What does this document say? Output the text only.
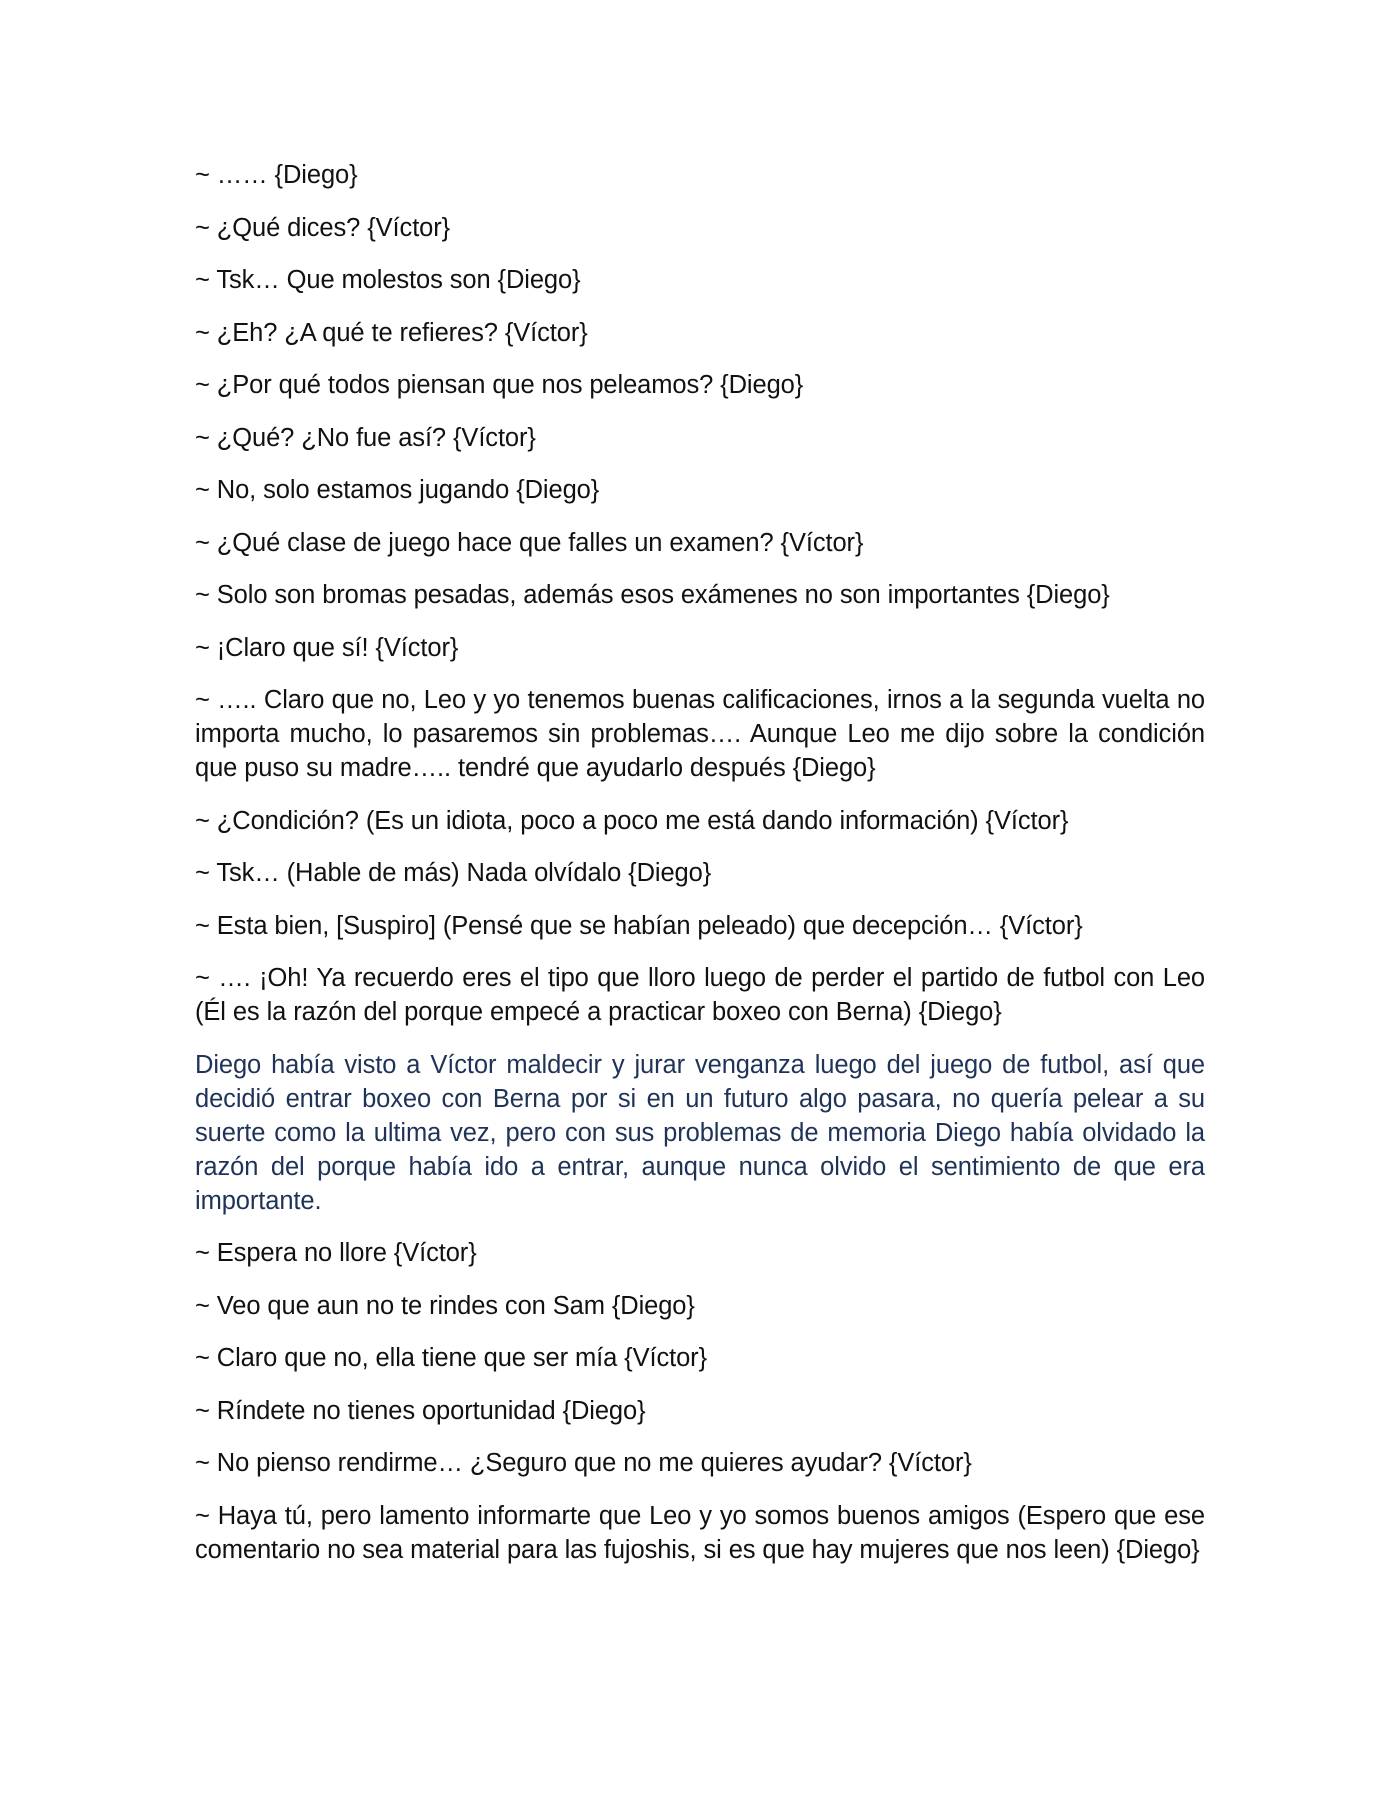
~ …… {Diego}

~ ¿Qué dices? {Víctor}

~ Tsk… Que molestos son {Diego}

~ ¿Eh? ¿A qué te refieres? {Víctor}

~ ¿Por qué todos piensan que nos peleamos? {Diego}

~ ¿Qué? ¿No fue así? {Víctor}

~ No, solo estamos jugando {Diego}

~ ¿Qué clase de juego hace que falles un examen? {Víctor}

~ Solo son bromas pesadas, además esos exámenes no son importantes {Diego}

~ ¡Claro que sí! {Víctor}

~ ….. Claro que no, Leo y yo tenemos buenas calificaciones, irnos a la segunda vuelta no importa mucho, lo pasaremos sin problemas…. Aunque Leo me dijo sobre la condición que puso su madre….. tendré que ayudarlo después {Diego}

~ ¿Condición? (Es un idiota, poco a poco me está dando información) {Víctor}

~ Tsk… (Hable de más) Nada olvídalo {Diego}

~ Esta bien, [Suspiro] (Pensé que se habían peleado) que decepción… {Víctor}

~ …. ¡Oh! Ya recuerdo eres el tipo que lloro luego de perder el partido de futbol con Leo (Él es la razón del porque empecé a practicar boxeo con Berna) {Diego}

Diego había visto a Víctor maldecir y jurar venganza luego del juego de futbol, así que decidió entrar boxeo con Berna por si en un futuro algo pasara, no quería pelear a su suerte como la ultima vez, pero con sus problemas de memoria Diego había olvidado la razón del porque había ido a entrar, aunque nunca olvido el sentimiento de que era importante.

~ Espera no llore {Víctor}

~ Veo que aun no te rindes con Sam {Diego}

~ Claro que no, ella tiene que ser mía {Víctor}

~ Ríndete no tienes oportunidad {Diego}

~ No pienso rendirme… ¿Seguro que no me quieres ayudar? {Víctor}

~ Haya tú, pero lamento informarte que Leo y yo somos buenos amigos (Espero que ese comentario no sea material para las fujoshis, si es que hay mujeres que nos leen) {Diego}
